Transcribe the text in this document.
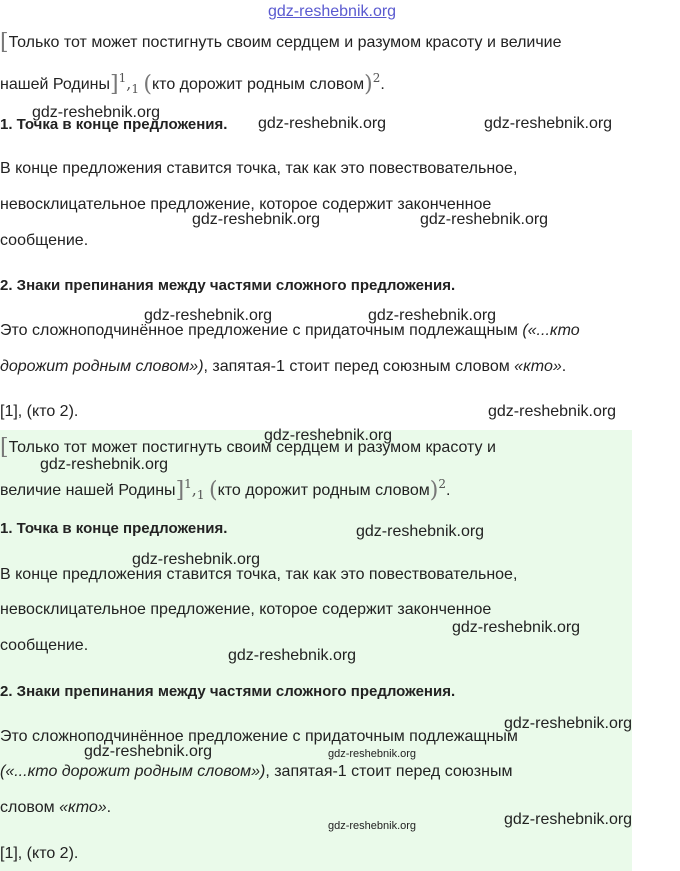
[Только тот может постигнуть своим сердцем и разумом красоту и величие
нашей $Родины]^1,_1$ (кто дорожит родным словом)$^2$.
1. Точка в конце предложения.
В конце предложения ставится точка, так как это повествовательное,
невосклицательное предложение, которое содержит законченное
сообщение.
2. Знаки препинания между частями сложного предложения.
Это сложноподчинённое предложение с придаточным подлежащным («...кто
дорожит родным словом»), запятая-1 стоит перед союзным словом «кто».
[1], (кто 2).
[Только тот может постигнуть своим сердцем и разумом красоту и
величие нашей $Родины]^1,_1$ (кто дорожит родным словом)$^2$.
1. Точка в конце предложения.
В конце предложения ставится точка, так как это повествовательное,
невосклицательное предложение, которое содержит законченное
сообщение.
2. Знаки препинания между частями сложного предложения.
Это сложноподчинённое предложение с придаточным подлежащным
(«...кто дорожит родным словом»), запятая-1 стоит перед союзным
словом «кто».
[1], (кто 2).
gdz-reshebnik.org
gdz-reshebnik.org
gdz-reshebnik.org	gdz-reshebnik.org
gdz-reshebnik.org	gdz-reshebnik.org
gdz-reshebnik.org	gdz-reshebnik.org
gdz-reshebnik.org
gdz-reshebnik.org
gdz-reshebnik.org
gdz-reshebnik.org
gdz-reshebnik.org
gdz-reshebnik.org
gdz-reshebnik.org
gdz-reshebnik.org
gdz-reshebnik.org	gdz-reshebnik.org
gdz-reshebnik.org
gdz-reshebnik.org
